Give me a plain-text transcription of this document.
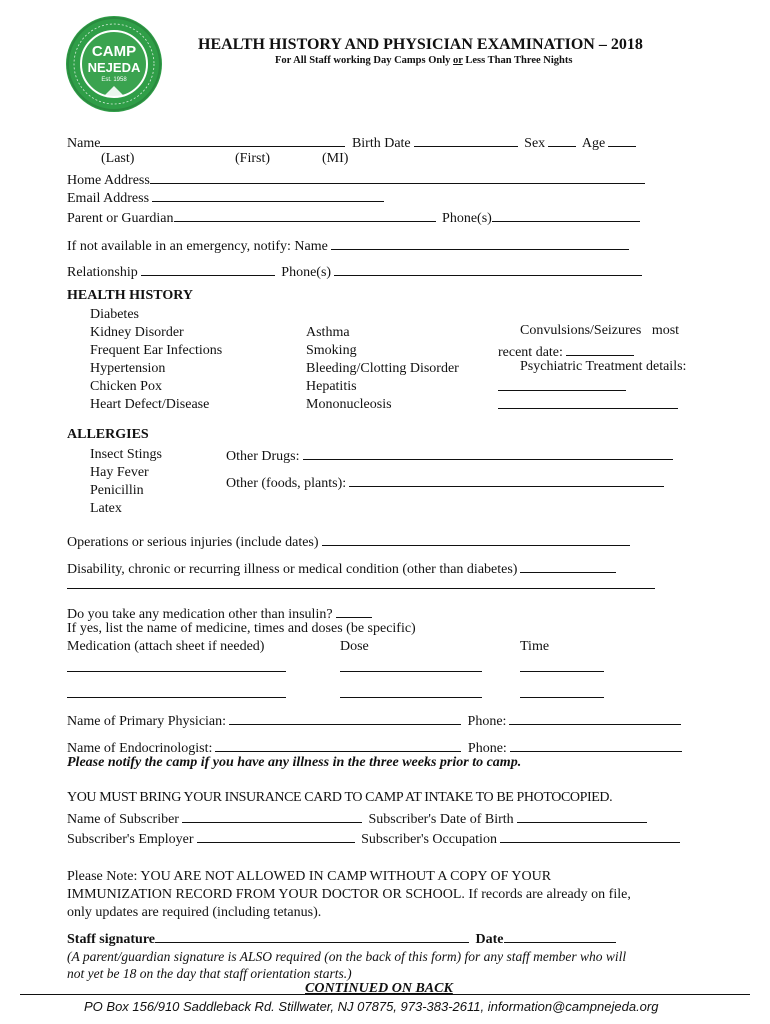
CAMP
NEJEDA
Est. 1958
HEALTH HISTORY AND PHYSICIAN EXAMINATION – 2018
For All Staff working Day Camps Only or Less Than Three Nights
Name	Birth Date	Sex	Age
(Last)	(First)	(MI)
Home Address
Email Address
Parent or Guardian	Phone(s)
If not available in an emergency, notify: Name
Relationship	Phone(s)
HEALTH HISTORY
Diabetes
Kidney Disorder
Frequent Ear Infections
Hypertension
Chicken Pox
Heart Defect/Disease
Asthma
Smoking
Bleeding/Clotting Disorder
Hepatitis
Mononucleosis
Convulsions/Seizures most
recent date:
Psychiatric Treatment details:
ALLERGIES
Insect Stings
Hay Fever
Penicillin
Latex
Other Drugs:
Other (foods, plants):
Operations or serious injuries (include dates)
Disability, chronic or recurring illness or medical condition (other than diabetes)
Do you take any medication other than insulin?
If yes, list the name of medicine, times and doses (be specific)
Medication (attach sheet if needed)	Dose	Time
Name of Primary Physician:	Phone:
Name of Endocrinologist:	Phone:
Please notify the camp if you have any illness in the three weeks prior to camp.
YOU MUST BRING YOUR INSURANCE CARD TO CAMP AT INTAKE TO BE PHOTOCOPIED.
Name of Subscriber	Subscriber's Date of Birth
Subscriber's Employer	Subscriber's Occupation
Please Note: YOU ARE NOT ALLOWED IN CAMP WITHOUT A COPY OF YOUR
IMMUNIZATION RECORD FROM YOUR DOCTOR OR SCHOOL. If records are already on file,
only updates are required (including tetanus).
Staff signature	Date
(A parent/guardian signature is ALSO required (on the back of this form) for any staff member who will
not yet be 18 on the day that staff orientation starts.)
CONTINUED ON BACK
PO Box 156/910 Saddleback Rd. Stillwater, NJ 07875, 973-383-2611, information@campnejeda.org
